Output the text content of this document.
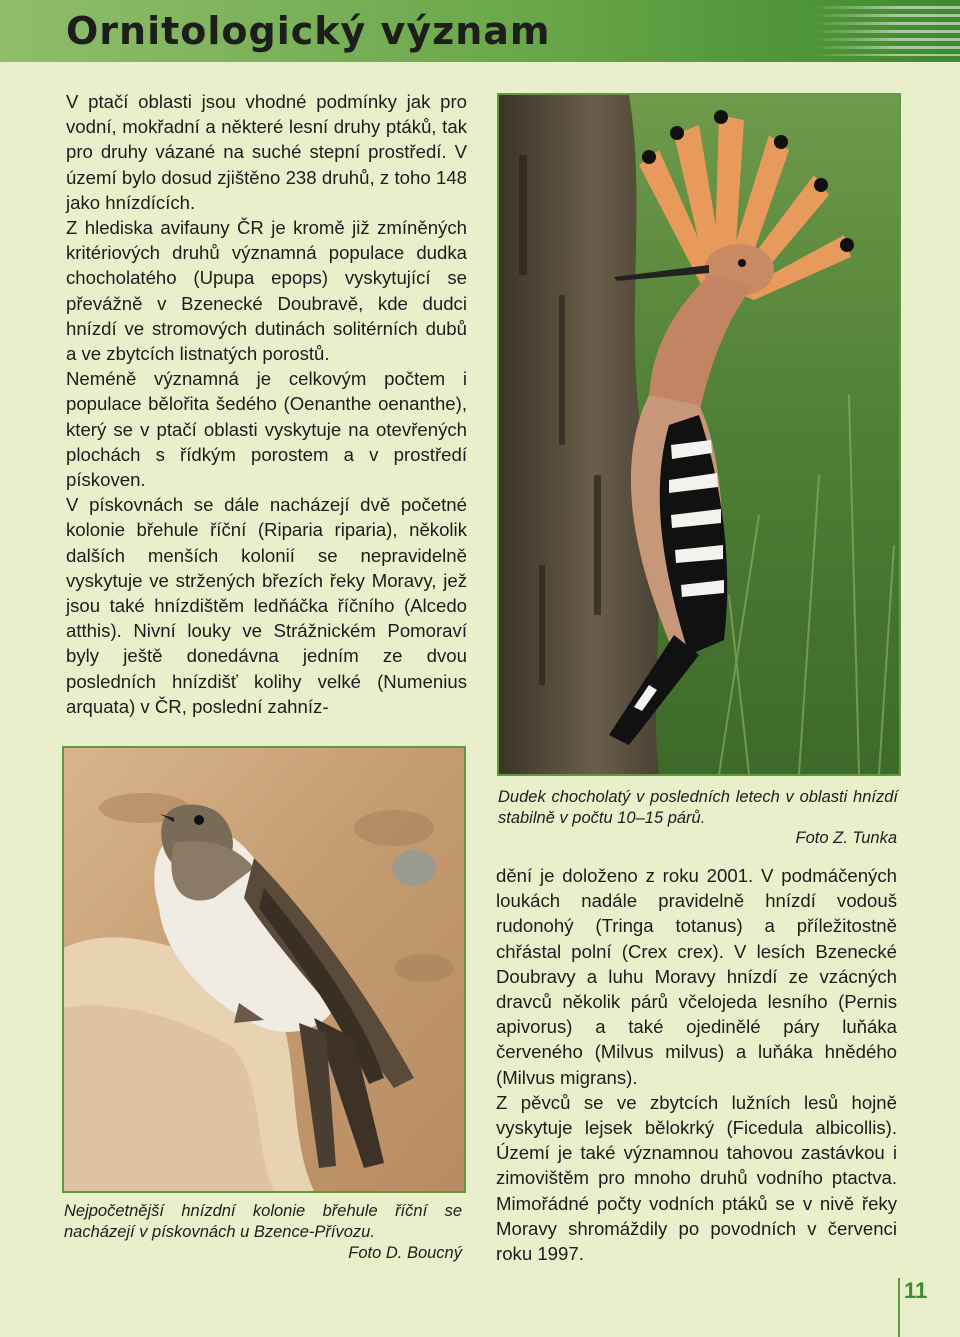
Ornitologický význam

V ptačí oblasti jsou vhodné podmínky jak pro vodní, mokřadní a některé lesní druhy ptáků, tak pro druhy vázané na suché stepní prostředí. V území bylo dosud zjištěno 238 druhů, z toho 148 jako hnízdících.

Z hlediska avifauny ČR je kromě již zmíněných kritériových druhů významná populace dudka chocholatého (Upupa epops) vyskytující se převážně v Bzenecké Doubravě, kde dudci hnízdí ve stromových dutinách solitérních dubů a ve zbytcích listnatých porostů.

Neméně významná je celkovým počtem i populace bělořita šedého (Oenanthe oenanthe), který se v ptačí oblasti vyskytuje na otevřených plochách s řídkým porostem a v prostředí pískoven.

V pískovnách se dále nacházejí dvě početné kolonie břehule říční (Riparia riparia), několik dalších menších kolonií se nepravidelně vyskytuje ve stržených březích řeky Moravy, jež jsou také hnízdištěm ledňáčka říčního (Alcedo atthis). Nivní louky ve Strážnickém Pomoraví byly ještě donedávna jedním ze dvou posledních hnízdišť kolihy velké (Numenius arquata) v ČR, poslední zahníz-

Dudek chocholatý v posledních letech v oblasti hnízdí stabilně v počtu 10–15 párů.

Foto Z. Tunka

Nejpočetnější hnízdní kolonie břehule říční se nacházejí v pískovnách u Bzence-Přívozu.

Foto D. Boucný

dění je doloženo z roku 2001. V podmáčených loukách nadále pravidelně hnízdí vodouš rudonohý (Tringa totanus) a příležitostně chřástal polní (Crex crex). V lesích Bzenecké Doubravy a luhu Moravy hnízdí ze vzácných dravců několik párů včelojeda lesního (Pernis apivorus) a také ojedinělé páry luňáka červeného (Milvus milvus) a luňáka hnědého (Milvus migrans).

Z pěvců se ve zbytcích lužních lesů hojně vyskytuje lejsek bělokrký (Ficedula albicollis). Území je také významnou tahovou zastávkou i zimovištěm pro mnoho druhů vodního ptactva. Mimořádné počty vodních ptáků se v nivě řeky Moravy shromáždily po povodních v červenci roku 1997.

11
